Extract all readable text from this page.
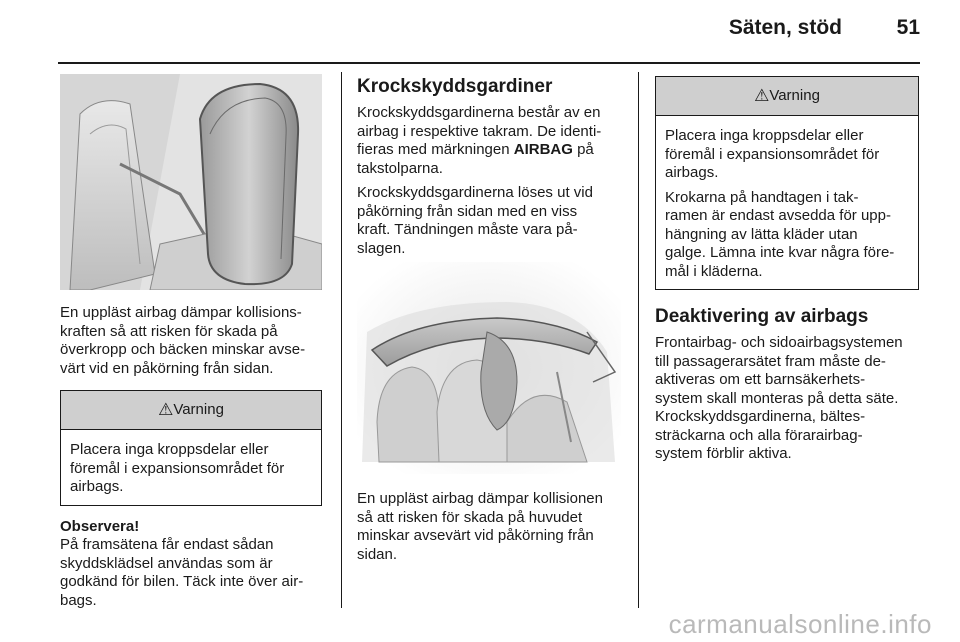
Säten, stöd	51

En uppläst airbag dämpar kollisions-
kraften så att risken för skada på
överkropp och bäcken minskar avse-
värt vid en påkörning från sidan.

⚠Varning

Placera inga kroppsdelar eller
föremål i expansionsområdet för
airbags.

Observera!

På framsätena får endast sådan
skyddsklädsel användas som är
godkänd för bilen. Täck inte över air-
bags.

Krockskyddsgardiner

Krockskyddsgardinerna består av en
airbag i respektive takram. De identi-
fieras med märkningen AIRBAG på
takstolparna.

Krockskyddsgardinerna löses ut vid
påkörning från sidan med en viss
kraft. Tändningen måste vara på-
slagen.

En uppläst airbag dämpar kollisionen
så att risken för skada på huvudet
minskar avsevärt vid påkörning från
sidan.

⚠Varning

Placera inga kroppsdelar eller
föremål i expansionsområdet för
airbags.

Krokarna på handtagen i tak-
ramen är endast avsedda för upp-
hängning av lätta kläder utan
galge. Lämna inte kvar några före-
mål i kläderna.

Deaktivering av airbags

Frontairbag- och sidoairbagsystemen
till passagerarsätet fram måste de-
aktiveras om ett barnsäkerhets-
system skall monteras på detta säte.
Krockskyddsgardinerna, bältes-
sträckarna och alla förarairbag-
system förblir aktiva.

carmanualsonline.info
